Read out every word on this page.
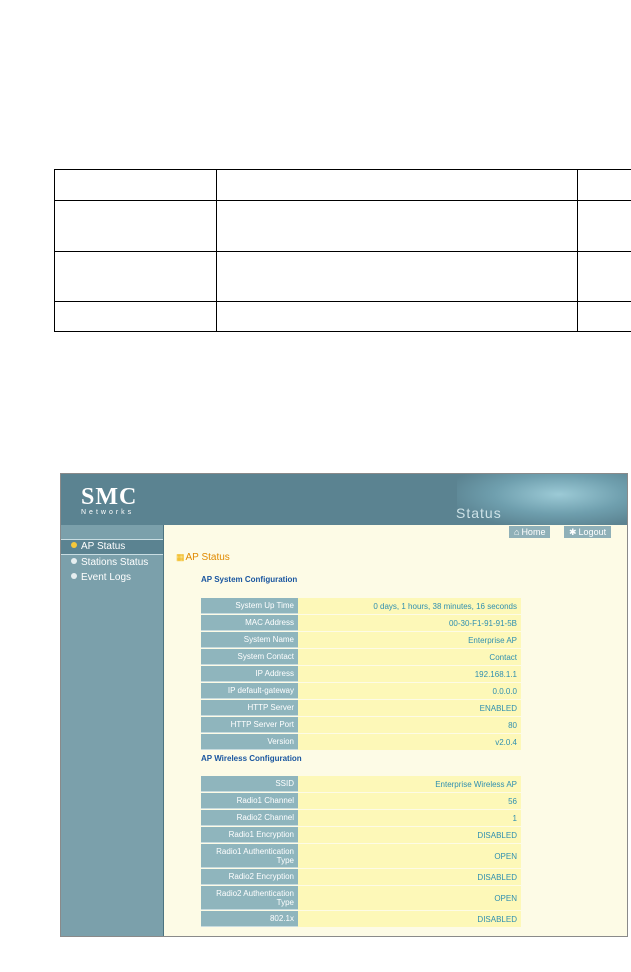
SMC
Networks	Status
AP Status
Stations Status
Event Logs
⌂ Home	✱ Logout
▦ AP Status
AP System Configuration
System Up Time	0 days, 1 hours, 38 minutes, 16 seconds
MAC Address	00-30-F1-91-91-5B
System Name	Enterprise AP
System Contact	Contact
IP Address	192.168.1.1
IP default-gateway	0.0.0.0
HTTP Server	ENABLED
HTTP Server Port	80
Version	v2.0.4
AP Wireless Configuration
SSID	Enterprise Wireless AP
Radio1 Channel	56
Radio2 Channel	1
Radio1 Encryption	DISABLED
Radio1 Authentication Type	OPEN
Radio2 Encryption	DISABLED
Radio2 Authentication Type	OPEN
802.1x	DISABLED
